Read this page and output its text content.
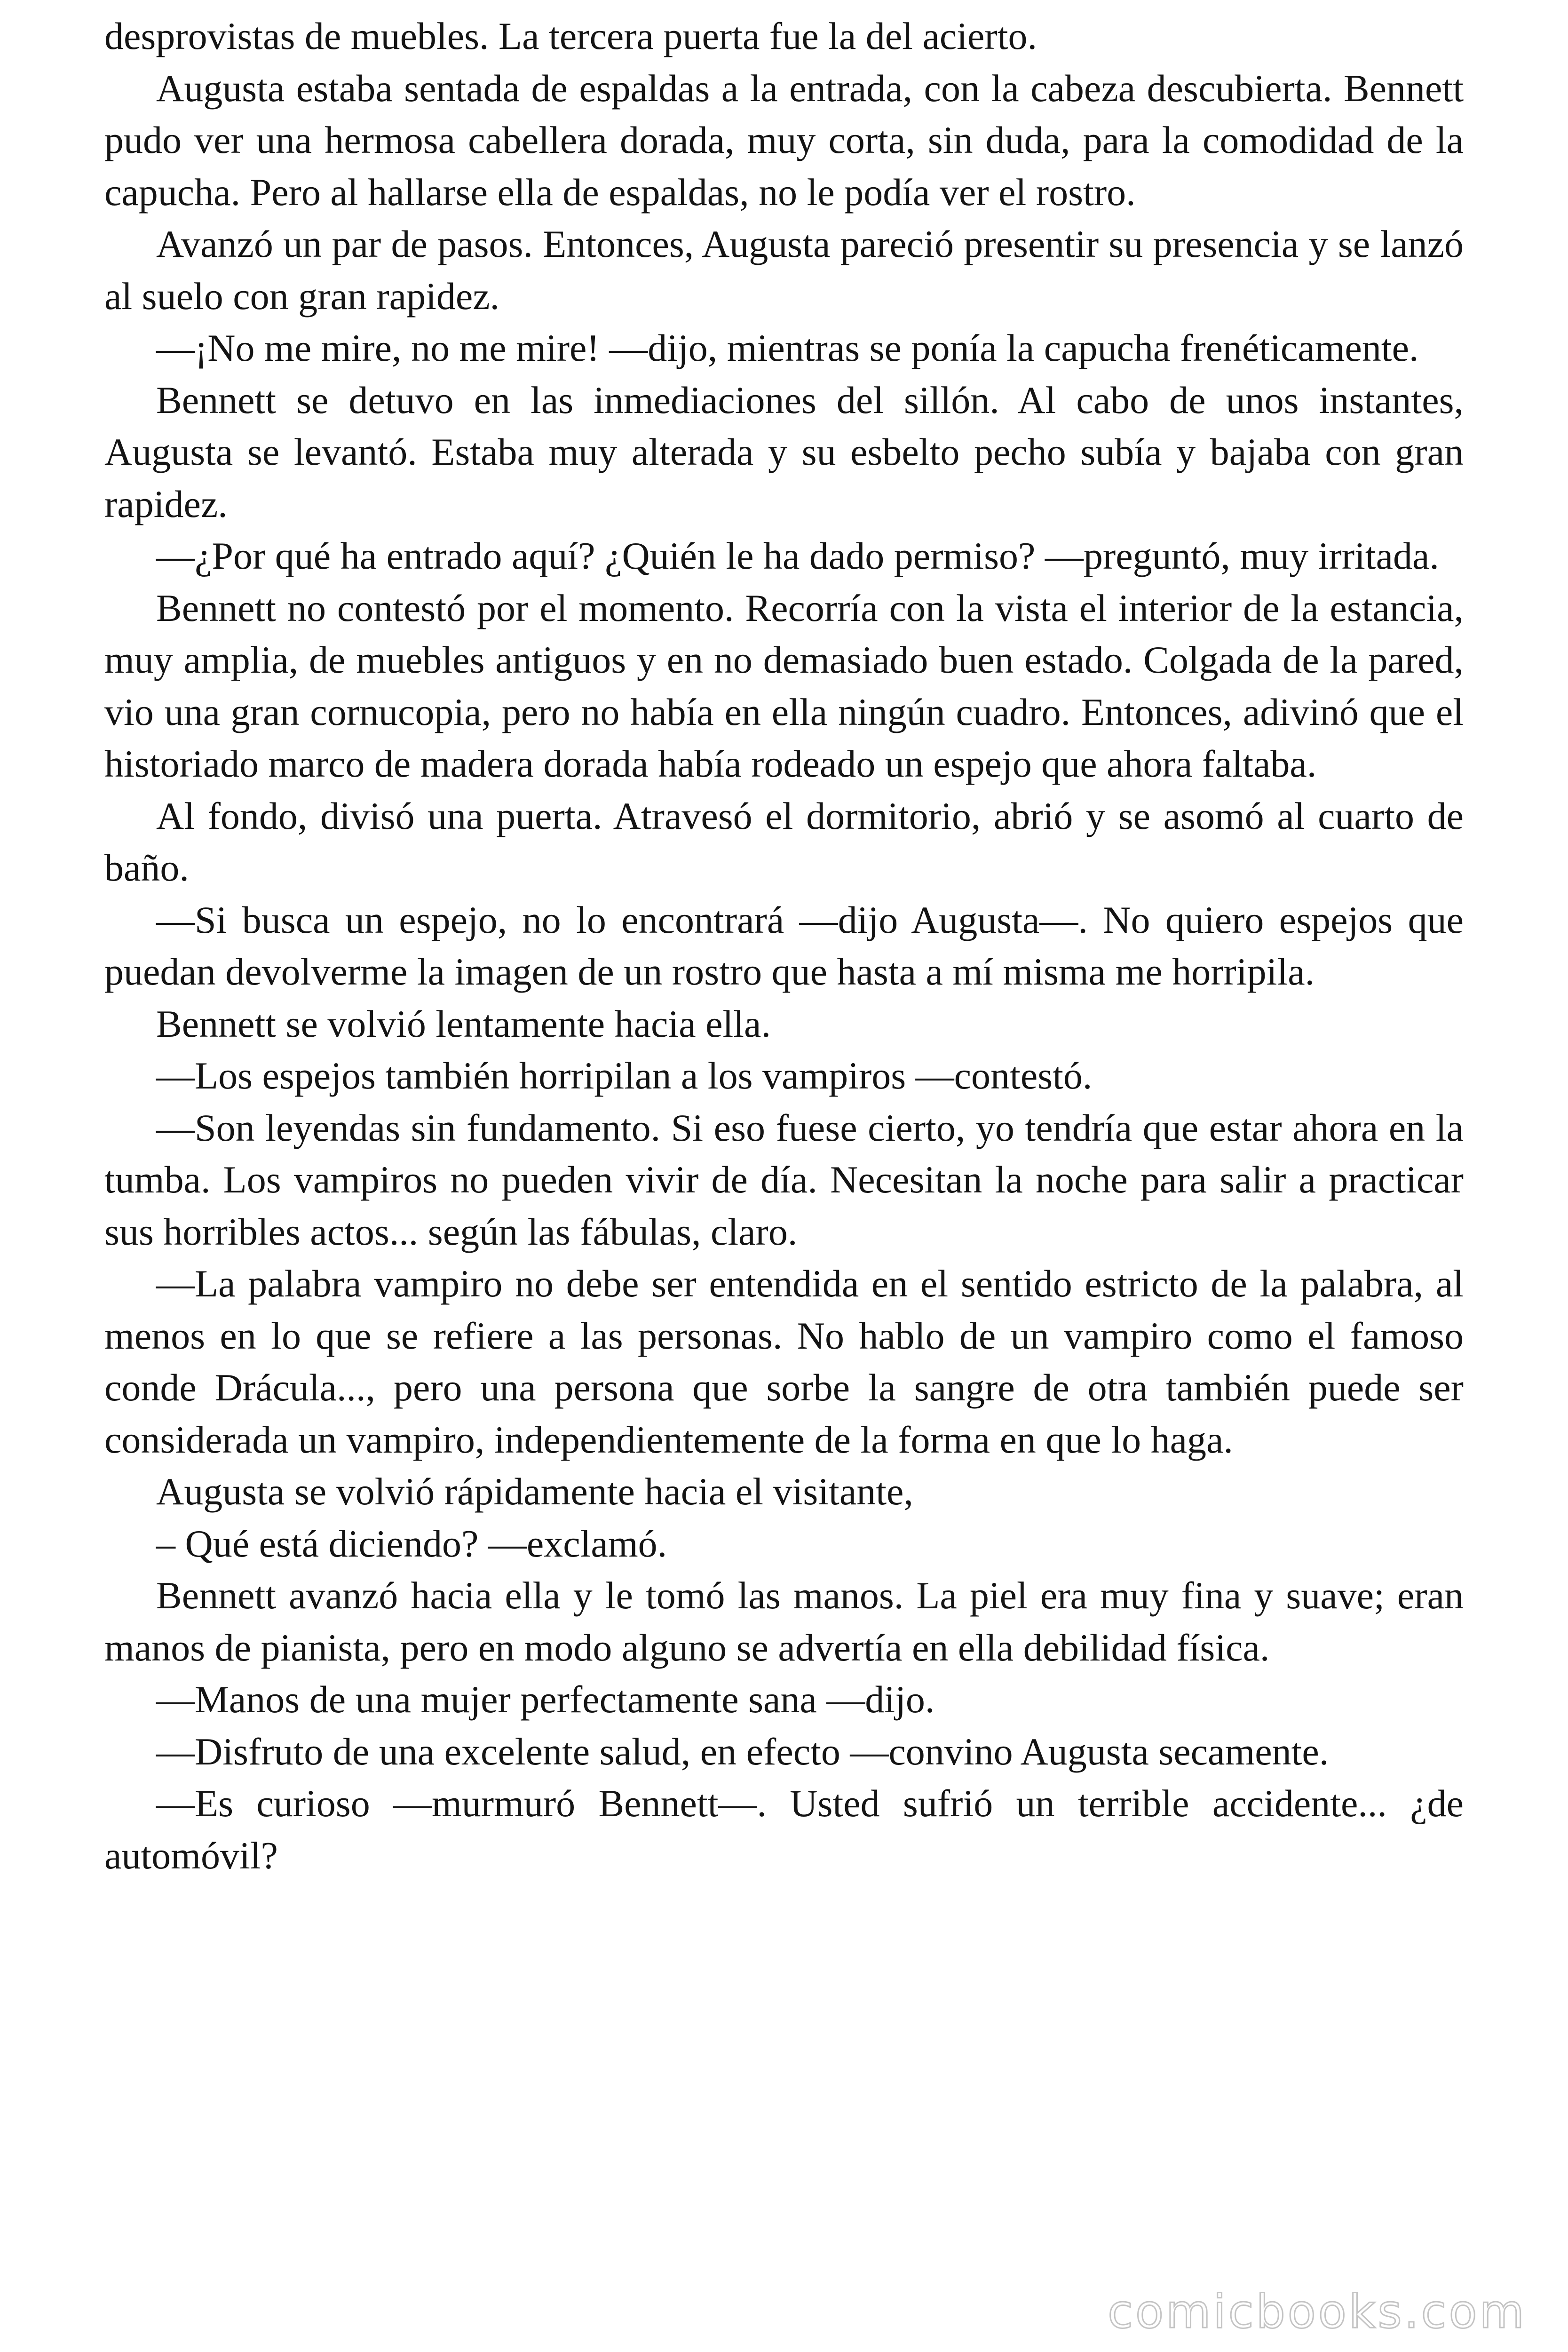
desprovistas de muebles. La tercera puerta fue la del acierto.

Augusta estaba sentada de espaldas a la entrada, con la cabeza descubierta. Bennett pudo ver una hermosa cabellera dorada, muy corta, sin duda, para la comodidad de la capucha. Pero al hallarse ella de espaldas, no le podía ver el rostro.

Avanzó un par de pasos. Entonces, Augusta pareció presentir su presencia y se lanzó al suelo con gran rapidez.

—¡No me mire, no me mire! —dijo, mientras se ponía la capucha frenéticamente.

Bennett se detuvo en las inmediaciones del sillón. Al cabo de unos instantes, Augusta se levantó. Estaba muy alterada y su esbelto pecho subía y bajaba con gran rapidez.

—¿Por qué ha entrado aquí? ¿Quién le ha dado permiso? —preguntó, muy irritada.

Bennett no contestó por el momento. Recorría con la vista el interior de la estancia, muy amplia, de muebles antiguos y en no demasiado buen estado. Colgada de la pared, vio una gran cornucopia, pero no había en ella ningún cuadro. Entonces, adivinó que el historiado marco de madera dorada había rodeado un espejo que ahora faltaba.

Al fondo, divisó una puerta. Atravesó el dormitorio, abrió y se asomó al cuarto de baño.

—Si busca un espejo, no lo encontrará —dijo Augusta—. No quiero espejos que puedan devolverme la imagen de un rostro que hasta a mí misma me horripila.

Bennett se volvió lentamente hacia ella.

—Los espejos también horripilan a los vampiros —contestó.

—Son leyendas sin fundamento. Si eso fuese cierto, yo tendría que estar ahora en la tumba. Los vampiros no pueden vivir de día. Necesitan la noche para salir a practicar sus horribles actos... según las fábulas, claro.

—La palabra vampiro no debe ser entendida en el sentido estricto de la palabra, al menos en lo que se refiere a las personas. No hablo de un vampiro como el famoso conde Drácula..., pero una persona que sorbe la sangre de otra también puede ser considerada un vampiro, independientemente de la forma en que lo haga.

Augusta se volvió rápidamente hacia el visitante,

– Qué está diciendo? —exclamó.

Bennett avanzó hacia ella y le tomó las manos. La piel era muy fina y suave; eran manos de pianista, pero en modo alguno se advertía en ella debilidad física.

—Manos de una mujer perfectamente sana —dijo.

—Disfruto de una excelente salud, en efecto —convino Augusta secamente.

—Es curioso —murmuró Bennett—. Usted sufrió un terrible accidente... ¿de automóvil?

comicbooks.com
